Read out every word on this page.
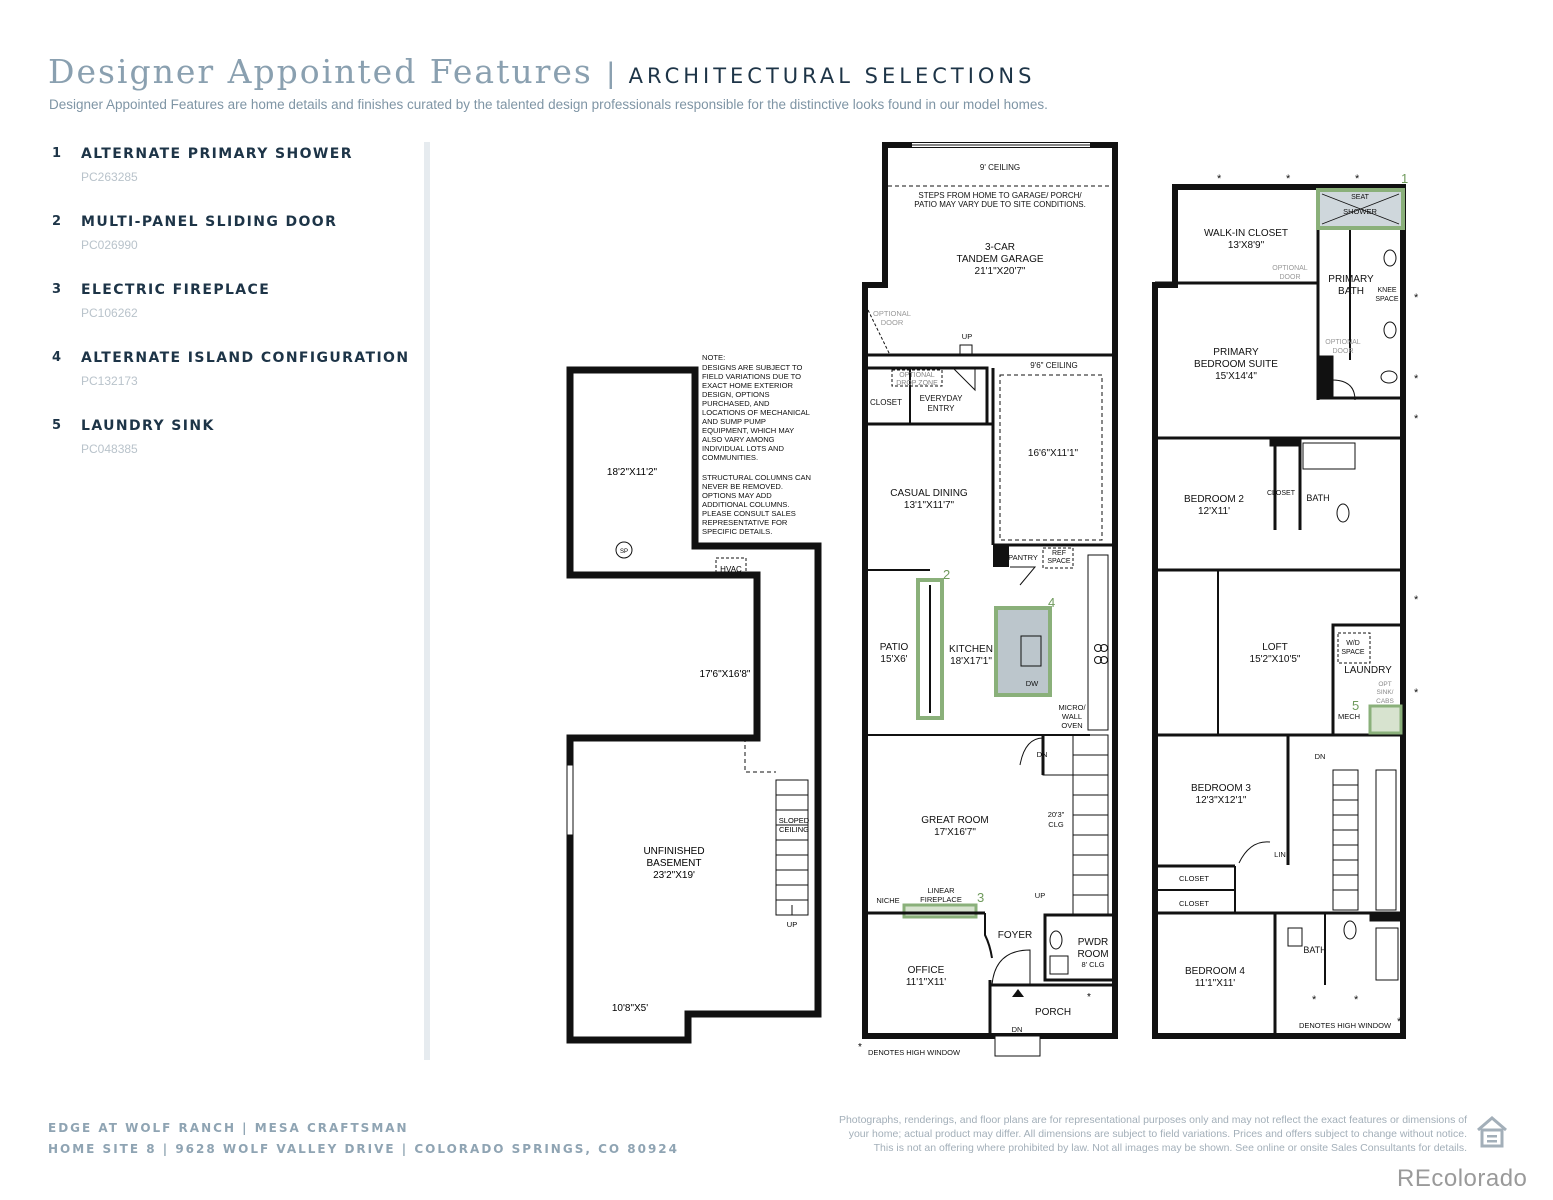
Designer Appointed Features | ARCHITECTURAL SELECTIONS
Designer Appointed Features are home details and finishes curated by the talented design professionals responsible for the distinctive looks found in our model homes.
1 ALTERNATE PRIMARY SHOWER
PC263285
2 MULTI-PANEL SLIDING DOOR
PC026990
3 ELECTRIC FIREPLACE
PC106262
4 ALTERNATE ISLAND CONFIGURATION
PC132173
5 LAUNDRY SINK
PC048385
SP
HVAC
18'2"X11'2"
17'6"X16'8"
SLOPED
CEILING
UNFINISHED
BASEMENT
23'2"X19'
UP
10'8"X5'
NOTE:
DESIGNS ARE SUBJECT TO
FIELD VARIATIONS DUE TO
EXACT HOME EXTERIOR
DESIGN, OPTIONS
PURCHASED, AND
LOCATIONS OF MECHANICAL
AND SUMP PUMP
EQUIPMENT, WHICH MAY
ALSO VARY AMONG
INDIVIDUAL LOTS AND
COMMUNITIES.
STRUCTURAL COLUMNS CAN
NEVER BE REMOVED.
OPTIONS MAY ADD
ADDITIONAL COLUMNS.
PLEASE CONSULT SALES
REPRESENTATIVE FOR
SPECIFIC DETAILS.
9' CEILING
STEPS FROM HOME TO GARAGE/ PORCH/
PATIO MAY VARY DUE TO SITE CONDITIONS.
3-CAR
TANDEM GARAGE
21'1"X20'7"
OPTIONAL
DOOR
UP
9'6" CEILING
OPTIONAL
DROP ZONE
CLOSET EVERYDAY
ENTRY
16'6"X11'1"
CASUAL DINING
13'1"X11'7"
PANTRY REF
SPACE
PATIO
15'X6'
KITCHEN
18'X17'1"
DW
MICRO/
WALL
OVEN
DN
GREAT ROOM
17'X16'7"
20'3"
CLG
UP
NICHE
LINEAR
FIREPLACE
FOYER
OFFICE
11'1"X11'
PWDR
ROOM
8' CLG
PORCH
DN
DENOTES HIGH WINDOW
*
*
2
3
4
SEAT
SHOWER
WALK-IN CLOSET
13'X8'9"
OPTIONAL
DOOR	PRIMARY
BATH KNEE
SPACE
OPTIONAL
DOOR
PRIMARY
BEDROOM SUITE
15'X14'4"
BEDROOM 2
12'X11'
CLOSET BATH
LOFT
15'2"X10'5"
W/D
SPACE
LAUNDRY
OPT
SINK/
CABS
MECH
DN
BEDROOM 3
12'3"X12'1"
LIN
CLOSET
CLOSET
BATH
BEDROOM 4
11'1"X11'
DENOTES HIGH WINDOW
*	*	*
*
*
*
*
*
*	*
*
1
5
EDGE AT WOLF RANCH | MESA CRAFTSMAN
HOME SITE 8 | 9628 WOLF VALLEY DRIVE | COLORADO SPRINGS, CO 80924
Photographs, renderings, and floor plans are for representational purposes only and may not reflect the exact features or dimensions of
your home; actual product may differ. All dimensions are subject to field variations. Prices and offers subject to change without notice.
This is not an offering where prohibited by law. Not all images may be shown. See online or onsite Sales Consultants for details.
REcolorado
